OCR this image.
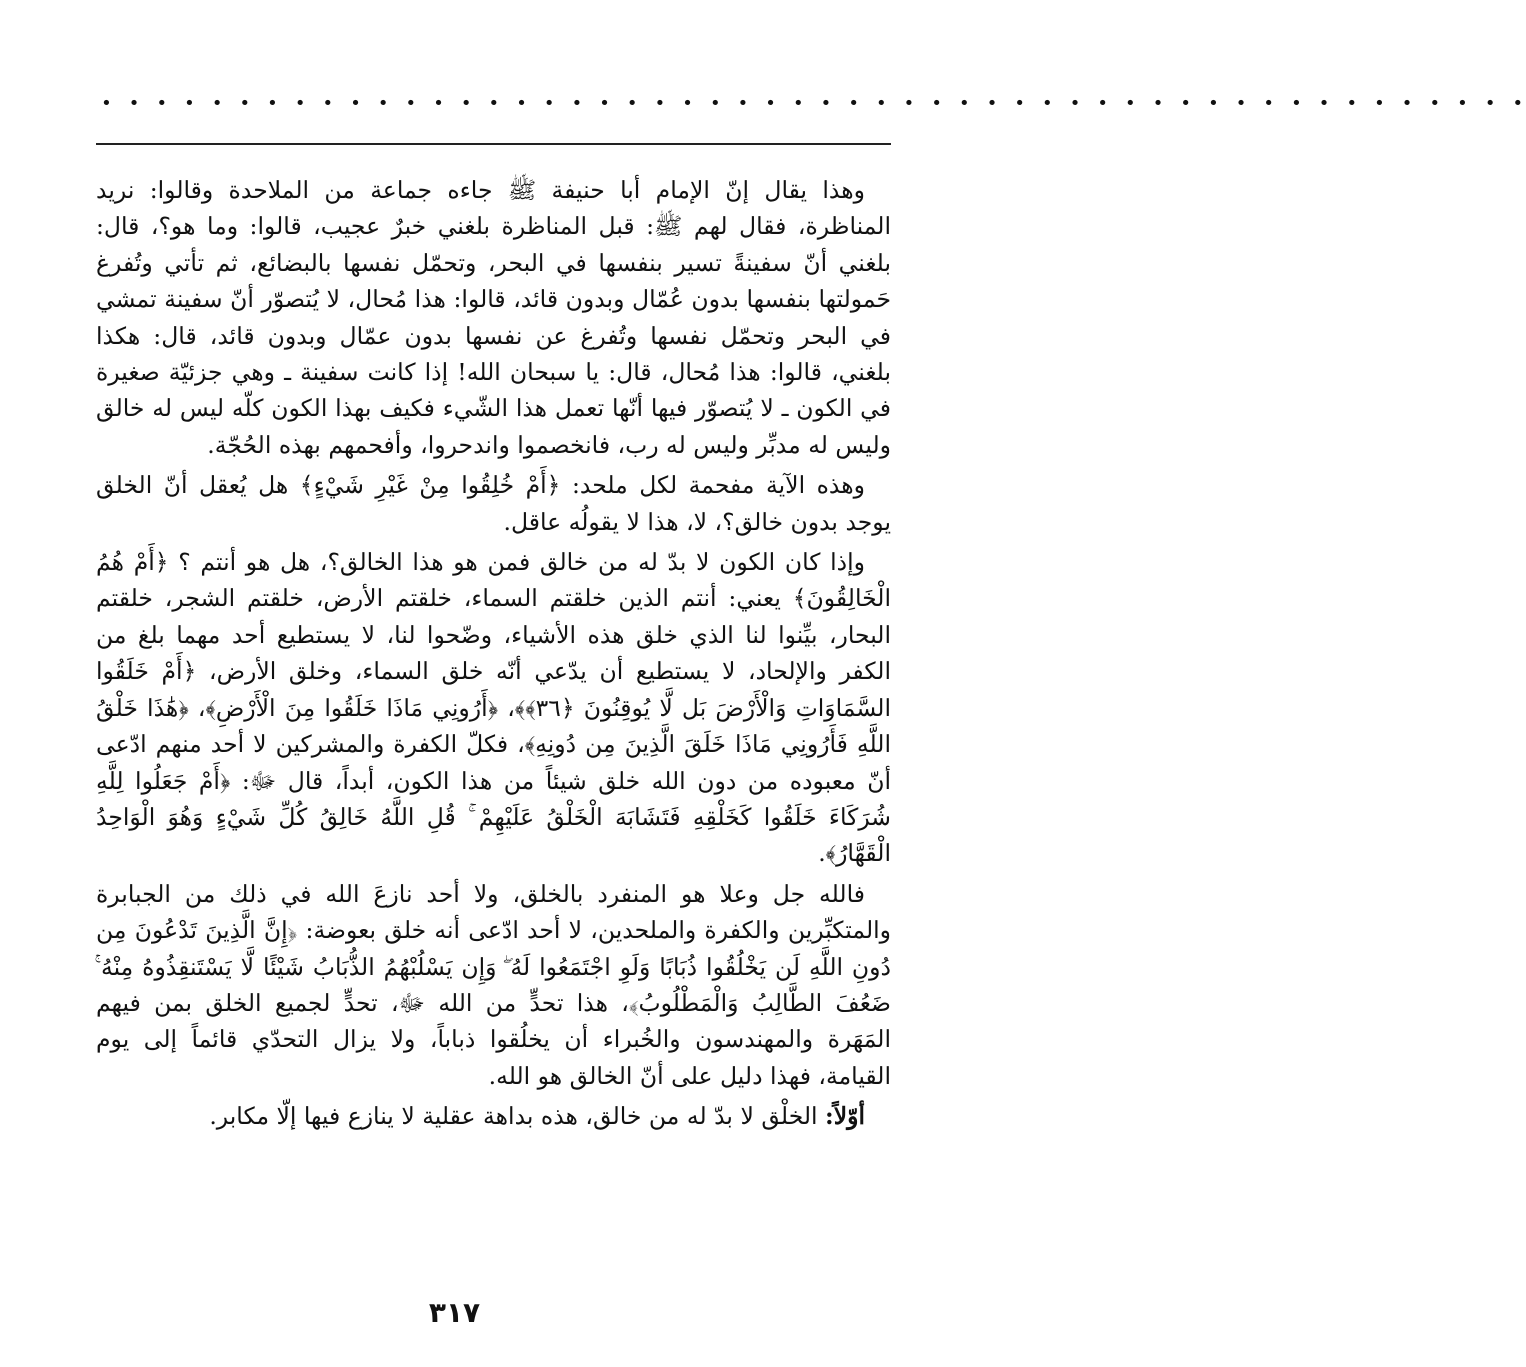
• • • • • • • • • • • • • • • • • • • • • • • • • • • • • • • • • • • • • • • • • • • • • • • • • • • •

وهذا يقال إنّ الإمام أبا حنيفة ﷺ جاءه جماعة من الملاحدة وقالوا: نريد المناظرة، فقال لهم ﷺ: قبل المناظرة بلغني خبرٌ عجيب، قالوا: وما هو؟، قال: بلغني أنّ سفينةً تسير بنفسها في البحر، وتحمّل نفسها بالبضائع، ثم تأتي وتُفرغ حَمولتها بنفسها بدون عُمّال وبدون قائد، قالوا: هذا مُحال، لا يُتصوّر أنّ سفينة تمشي في البحر وتحمّل نفسها وتُفرغ عن نفسها بدون عمّال وبدون قائد، قال: هكذا بلغني، قالوا: هذا مُحال، قال: يا سبحان الله! إذا كانت سفينة ـ وهي جزئيّة صغيرة في الكون ـ لا يُتصوّر فيها أنّها تعمل هذا الشّيء فكيف بهذا الكون كلّه ليس له خالق وليس له مدبِّر وليس له رب، فانخصموا واندحروا، وأفحمهم بهذه الحُجّة.

وهذه الآية مفحمة لكل ملحد: ﴿أَمْ خُلِقُوا مِنْ غَيْرِ شَيْءٍ﴾ هل يُعقل أنّ الخلق يوجد بدون خالق؟، لا، هذا لا يقولُه عاقل.

وإذا كان الكون لا بدّ له من خالق فمن هو هذا الخالق؟، هل هو أنتم ؟ ﴿أَمْ هُمُ الْخَالِقُونَ﴾ يعني: أنتم الذين خلقتم السماء، خلقتم الأرض، خلقتم الشجر، خلقتم البحار، بيِّنوا لنا الذي خلق هذه الأشياء، وضّحوا لنا، لا يستطيع أحد مهما بلغ من الكفر والإلحاد، لا يستطيع أن يدّعي أنّه خلق السماء، وخلق الأرض، ﴿أَمْ خَلَقُوا السَّمَاوَاتِ وَالْأَرْضَ بَل لَّا يُوقِنُونَ ﴿٣٦﴾﴾، ﴿أَرُونِي مَاذَا خَلَقُوا مِنَ الْأَرْضِ﴾، ﴿هَٰذَا خَلْقُ اللَّهِ فَأَرُونِي مَاذَا خَلَقَ الَّذِينَ مِن دُونِهِ﴾، فكلّ الكفرة والمشركين لا أحد منهم ادّعى أنّ معبوده من دون الله خلق شيئاً من هذا الكون، أبداً، قال ﷻ: ﴿أَمْ جَعَلُوا لِلَّهِ شُرَكَاءَ خَلَقُوا كَخَلْقِهِ فَتَشَابَهَ الْخَلْقُ عَلَيْهِمْ ۚ قُلِ اللَّهُ خَالِقُ كُلِّ شَيْءٍ وَهُوَ الْوَاحِدُ الْقَهَّارُ﴾.

فالله جل وعلا هو المنفرد بالخلق، ولا أحد نازعَ الله في ذلك من الجبابرة والمتكبِّرين والكفرة والملحدين، لا أحد ادّعى أنه خلق بعوضة: ﴿إِنَّ الَّذِينَ تَدْعُونَ مِن دُونِ اللَّهِ لَن يَخْلُقُوا ذُبَابًا وَلَوِ اجْتَمَعُوا لَهُ ۖ وَإِن يَسْلُبْهُمُ الذُّبَابُ شَيْئًا لَّا يَسْتَنقِذُوهُ مِنْهُ ۚ ضَعُفَ الطَّالِبُ وَالْمَطْلُوبُ﴾، هذا تحدٍّ من الله ﷻ، تحدٍّ لجميع الخلق بمن فيهم المَهَرة والمهندسون والخُبراء أن يخلُقوا ذباباً، ولا يزال التحدّي قائماً إلى يوم القيامة، فهذا دليل على أنّ الخالق هو الله.

أوّلاً: الخلْق لا بدّ له من خالق، هذه بداهة عقلية لا ينازع فيها إلّا مكابر.

٣١٧
